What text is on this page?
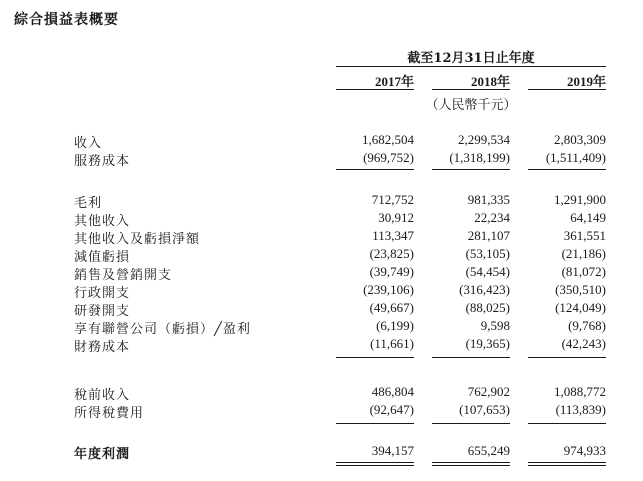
綜合損益表概要
截至12月31日止年度
2017年	2018年	2019年
（人民幣千元）
收入	1,682,504	2,299,534	2,803,309
服務成本	(969,752)	(1,318,199)	(1,511,409)
毛利	712,752	981,335	1,291,900
其他收入	30,912	22,234	64,149
其他收入及虧損淨額	113,347	281,107	361,551
減值虧損	(23,825)	(53,105)	(21,186)
銷售及營銷開支	(39,749)	(54,454)	(81,072)
行政開支	(239,106)	(316,423)	(350,510)
研發開支	(49,667)	(88,025)	(124,049)
享有聯營公司（虧損）╱盈利	(6,199)	9,598	(9,768)
財務成本	(11,661)	(19,365)	(42,243)
稅前收入	486,804	762,902	1,088,772
所得稅費用	(92,647)	(107,653)	(113,839)
年度利潤	394,157	655,249	974,933
